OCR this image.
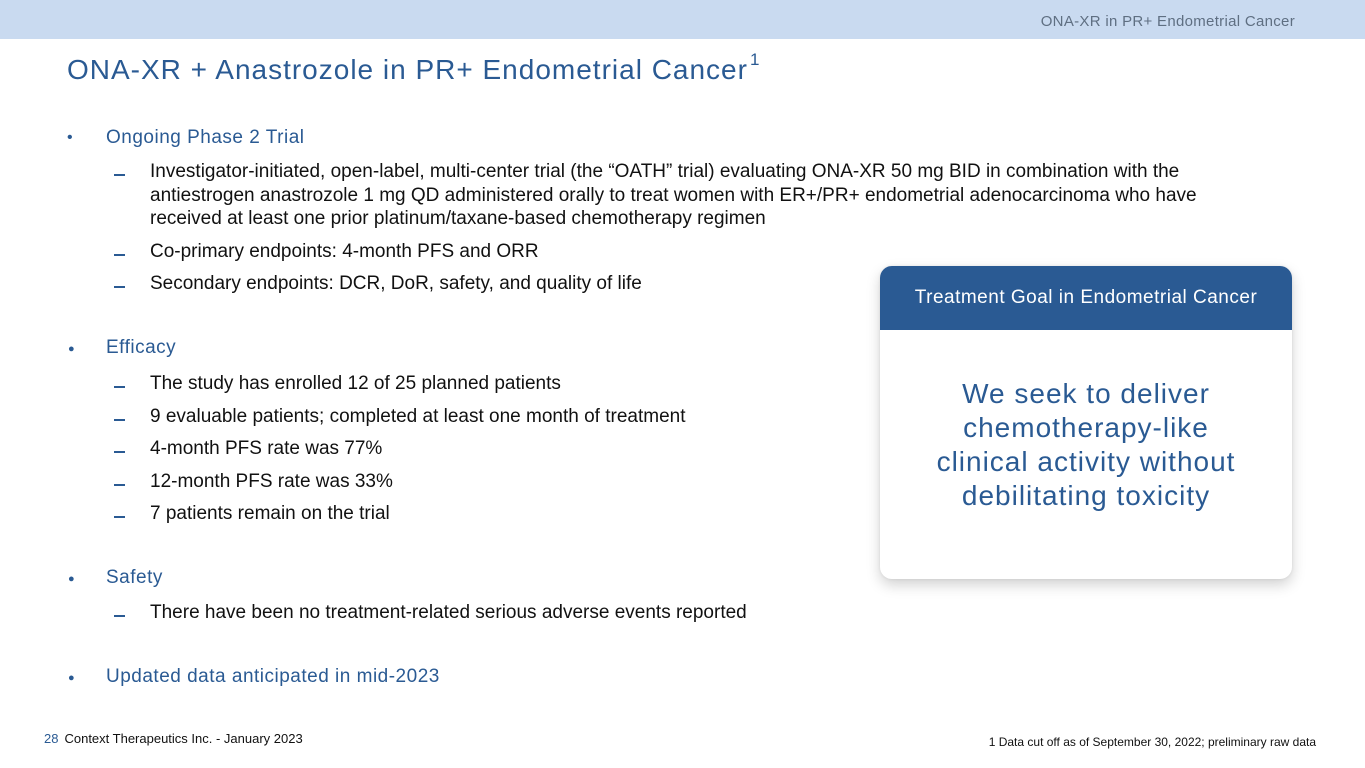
ONA-XR in PR+ Endometrial Cancer
ONA-XR + Anastrozole in PR+ Endometrial Cancer $^1$
• Ongoing Phase 2 Trial
Investigator-initiated, open-label, multi-center trial (the “OATH” trial) evaluating ONA-XR 50 mg BID in combination with the antiestrogen anastrozole 1 mg QD administered orally to treat women with ER+/PR+ endometrial adenocarcinoma who have received at least one prior platinum/taxane-based chemotherapy regimen
Co-primary endpoints: 4-month PFS and ORR
Secondary endpoints: DCR, DoR, safety, and quality of life
● Efficacy
The study has enrolled 12 of 25 planned patients
9 evaluable patients; completed at least one month of treatment
4-month PFS rate was 77%
12-month PFS rate was 33%
7 patients remain on the trial
● Safety
There have been no treatment-related serious adverse events reported
● Updated data anticipated in mid-2023
Treatment Goal in Endometrial Cancer
We seek to deliver chemotherapy-like clinical activity without debilitating toxicity
28 Context Therapeutics Inc. - January 2023	1 Data cut off as of September 30, 2022; preliminary raw data
